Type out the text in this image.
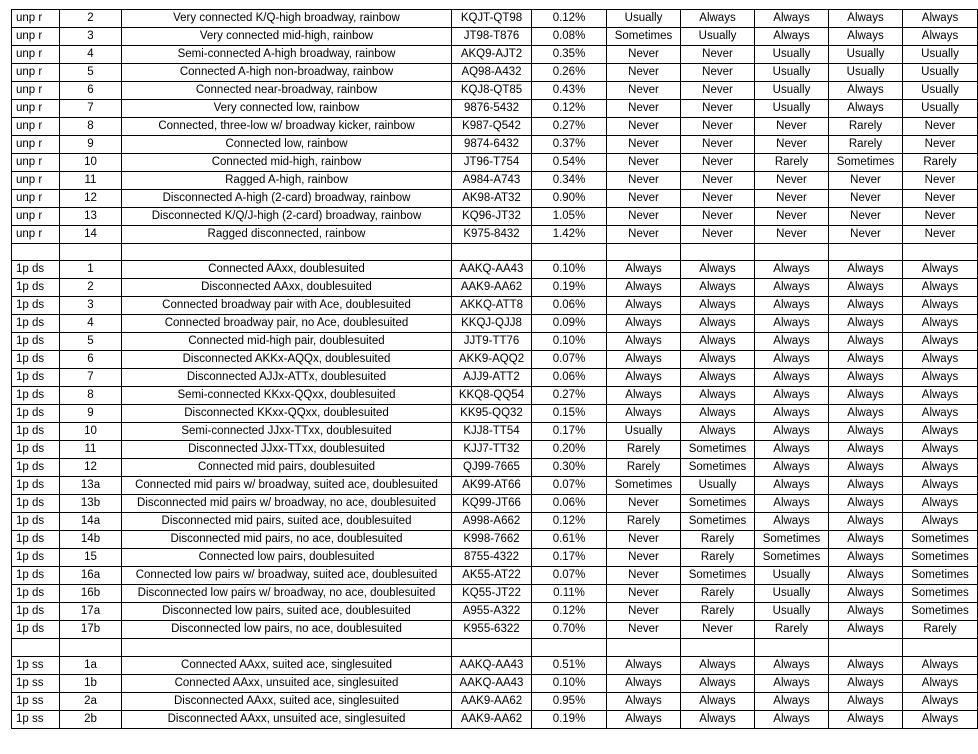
unp r	2	Very connected K/Q-high broadway, rainbow	KQJT-QT98	0.12%	Usually	Always	Always	Always	Always
unp r	3	Very connected mid-high, rainbow	JT98-T876	0.08%	Sometimes	Usually	Always	Always	Always
unp r	4	Semi-connected A-high broadway, rainbow	AKQ9-AJT2	0.35%	Never	Never	Usually	Usually	Usually
unp r	5	Connected A-high non-broadway, rainbow	AQ98-A432	0.26%	Never	Never	Usually	Usually	Usually
unp r	6	Connected near-broadway, rainbow	KQJ8-QT85	0.43%	Never	Never	Usually	Always	Usually
unp r	7	Very connected low, rainbow	9876-5432	0.12%	Never	Never	Usually	Always	Usually
unp r	8	Connected, three-low w/ broadway kicker, rainbow	K987-Q542	0.27%	Never	Never	Never	Rarely	Never
unp r	9	Connected low, rainbow	9874-6432	0.37%	Never	Never	Never	Rarely	Never
unp r	10	Connected mid-high, rainbow	JT96-T754	0.54%	Never	Never	Rarely	Sometimes	Rarely
unp r	11	Ragged A-high, rainbow	A984-A743	0.34%	Never	Never	Never	Never	Never
unp r	12	Disconnected A-high (2-card) broadway, rainbow	AK98-AT32	0.90%	Never	Never	Never	Never	Never
unp r	13	Disconnected K/Q/J-high (2-card) broadway, rainbow	KQ96-JT32	1.05%	Never	Never	Never	Never	Never
unp r	14	Ragged disconnected, rainbow	K975-8432	1.42%	Never	Never	Never	Never	Never

1p ds	1	Connected AAxx, doublesuited	AAKQ-AA43	0.10%	Always	Always	Always	Always	Always
1p ds	2	Disconnected AAxx, doublesuited	AAK9-AA62	0.19%	Always	Always	Always	Always	Always
1p ds	3	Connected broadway pair with Ace, doublesuited	AKKQ-ATT8	0.06%	Always	Always	Always	Always	Always
1p ds	4	Connected broadway pair, no Ace, doublesuited	KKQJ-QJJ8	0.09%	Always	Always	Always	Always	Always
1p ds	5	Connected mid-high pair, doublesuited	JJT9-TT76	0.10%	Always	Always	Always	Always	Always
1p ds	6	Disconnected AKKx-AQQx, doublesuited	AKK9-AQQ2	0.07%	Always	Always	Always	Always	Always
1p ds	7	Disconnected AJJx-ATTx, doublesuited	AJJ9-ATT2	0.06%	Always	Always	Always	Always	Always
1p ds	8	Semi-connected KKxx-QQxx, doublesuited	KKQ8-QQ54	0.27%	Always	Always	Always	Always	Always
1p ds	9	Disconnected KKxx-QQxx, doublesuited	KK95-QQ32	0.15%	Always	Always	Always	Always	Always
1p ds	10	Semi-connected JJxx-TTxx, doublesuited	KJJ8-TT54	0.17%	Usually	Always	Always	Always	Always
1p ds	11	Disconnected JJxx-TTxx, doublesuited	KJJ7-TT32	0.20%	Rarely	Sometimes	Always	Always	Always
1p ds	12	Connected mid pairs, doublesuited	QJ99-7665	0.30%	Rarely	Sometimes	Always	Always	Always
1p ds	13a	Connected mid pairs w/ broadway, suited ace, doublesuited	AK99-AT66	0.07%	Sometimes	Usually	Always	Always	Always
1p ds	13b	Disconnected mid pairs w/ broadway, no ace, doublesuited	KQ99-JT66	0.06%	Never	Sometimes	Always	Always	Always
1p ds	14a	Disconnected mid pairs, suited ace, doublesuited	A998-A662	0.12%	Rarely	Sometimes	Always	Always	Always
1p ds	14b	Disconnected mid pairs, no ace, doublesuited	K998-7662	0.61%	Never	Rarely	Sometimes	Always	Sometimes
1p ds	15	Connected low pairs, doublesuited	8755-4322	0.17%	Never	Rarely	Sometimes	Always	Sometimes
1p ds	16a	Connected low pairs w/ broadway, suited ace, doublesuited	AK55-AT22	0.07%	Never	Sometimes	Usually	Always	Sometimes
1p ds	16b	Disconnected low pairs w/ broadway, no ace, doublesuited	KQ55-JT22	0.11%	Never	Rarely	Usually	Always	Sometimes
1p ds	17a	Disconnected low pairs, suited ace, doublesuited	A955-A322	0.12%	Never	Rarely	Usually	Always	Sometimes
1p ds	17b	Disconnected low pairs, no ace, doublesuited	K955-6322	0.70%	Never	Never	Rarely	Always	Rarely

1p ss	1a	Connected AAxx, suited ace, singlesuited	AAKQ-AA43	0.51%	Always	Always	Always	Always	Always
1p ss	1b	Connected AAxx, unsuited ace, singlesuited	AAKQ-AA43	0.10%	Always	Always	Always	Always	Always
1p ss	2a	Disconnected AAxx, suited ace, singlesuited	AAK9-AA62	0.95%	Always	Always	Always	Always	Always
1p ss	2b	Disconnected AAxx, unsuited ace, singlesuited	AAK9-AA62	0.19%	Always	Always	Always	Always	Always
